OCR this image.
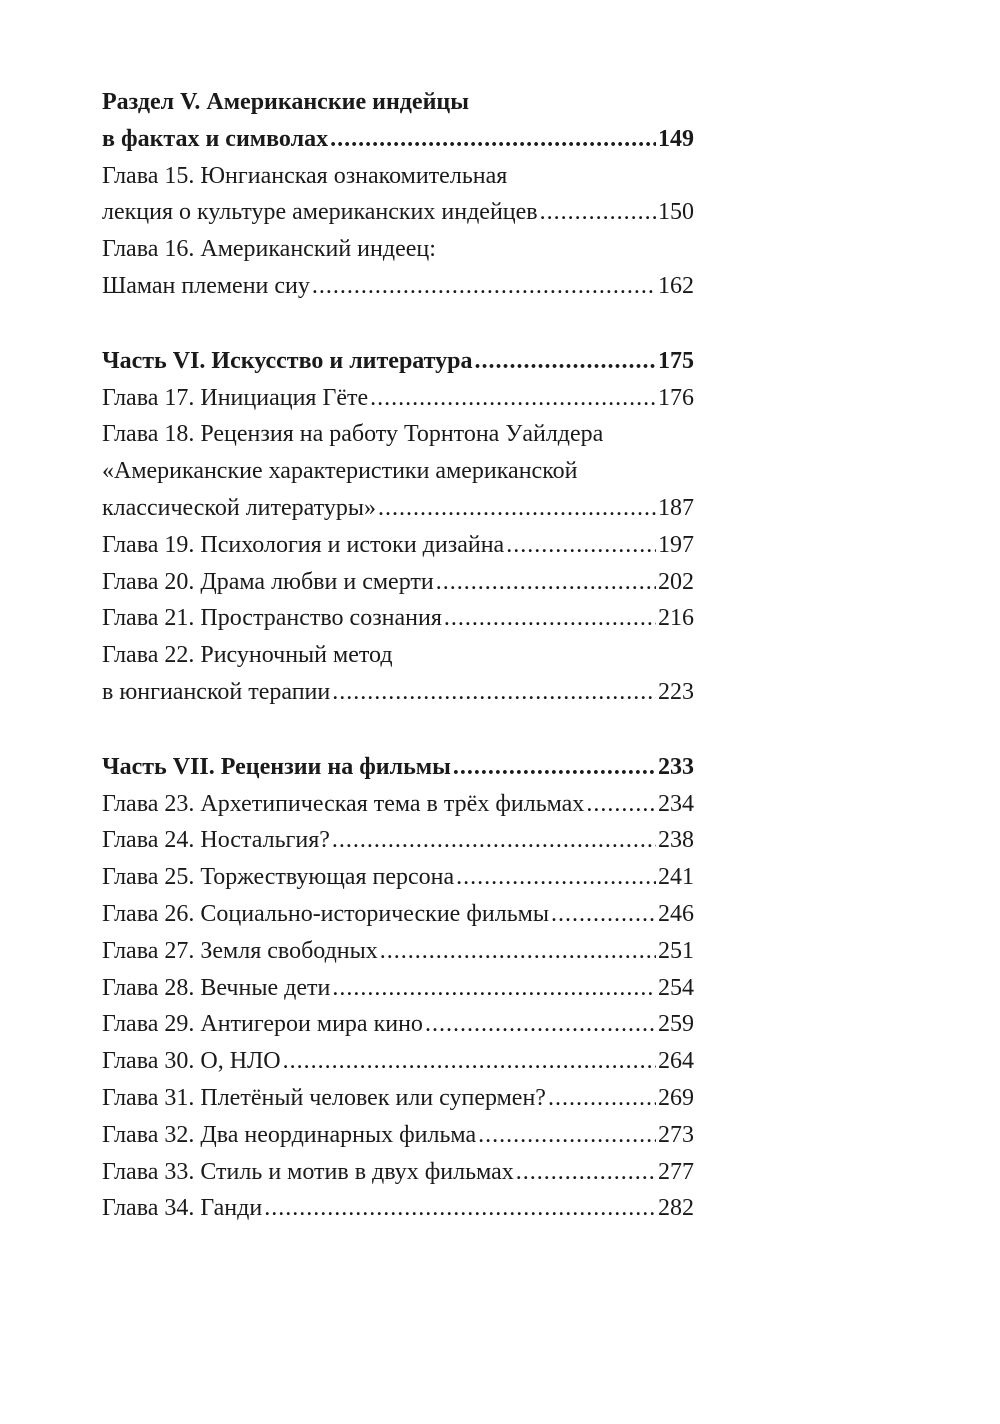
Раздел V. Американские индейцы
в фактах и символах .....	149
Глава 15. Юнгианская ознакомительная
лекция о культуре американских индейцев .....	150
Глава 16. Американский индеец:
Шаман племени сиу .....	162
Часть VI. Искусство и литература .....	175
Глава 17. Инициация Гёте .....	176
Глава 18. Рецензия на работу Торнтона Уайлдера
«Американские характеристики американской
классической литературы» .....	187
Глава 19. Психология и истоки дизайна .....	197
Глава 20. Драма любви и смерти .....	202
Глава 21. Пространство сознания .....	216
Глава 22. Рисуночный метод
в юнгианской терапии .....	223
Часть VII. Рецензии на фильмы .....	233
Глава 23. Архетипическая тема в трёх фильмах .....	234
Глава 24. Ностальгия? .....	238
Глава 25. Торжествующая персона .....	241
Глава 26. Социально-исторические фильмы .....	246
Глава 27. Земля свободных .....	251
Глава 28. Вечные дети .....	254
Глава 29. Антигерои мира кино .....	259
Глава 30. О, НЛО .....	264
Глава 31. Плетёный человек или супермен? .....	269
Глава 32. Два неординарных фильма .....	273
Глава 33. Стиль и мотив в двух фильмах .....	277
Глава 34. Ганди .....	282
